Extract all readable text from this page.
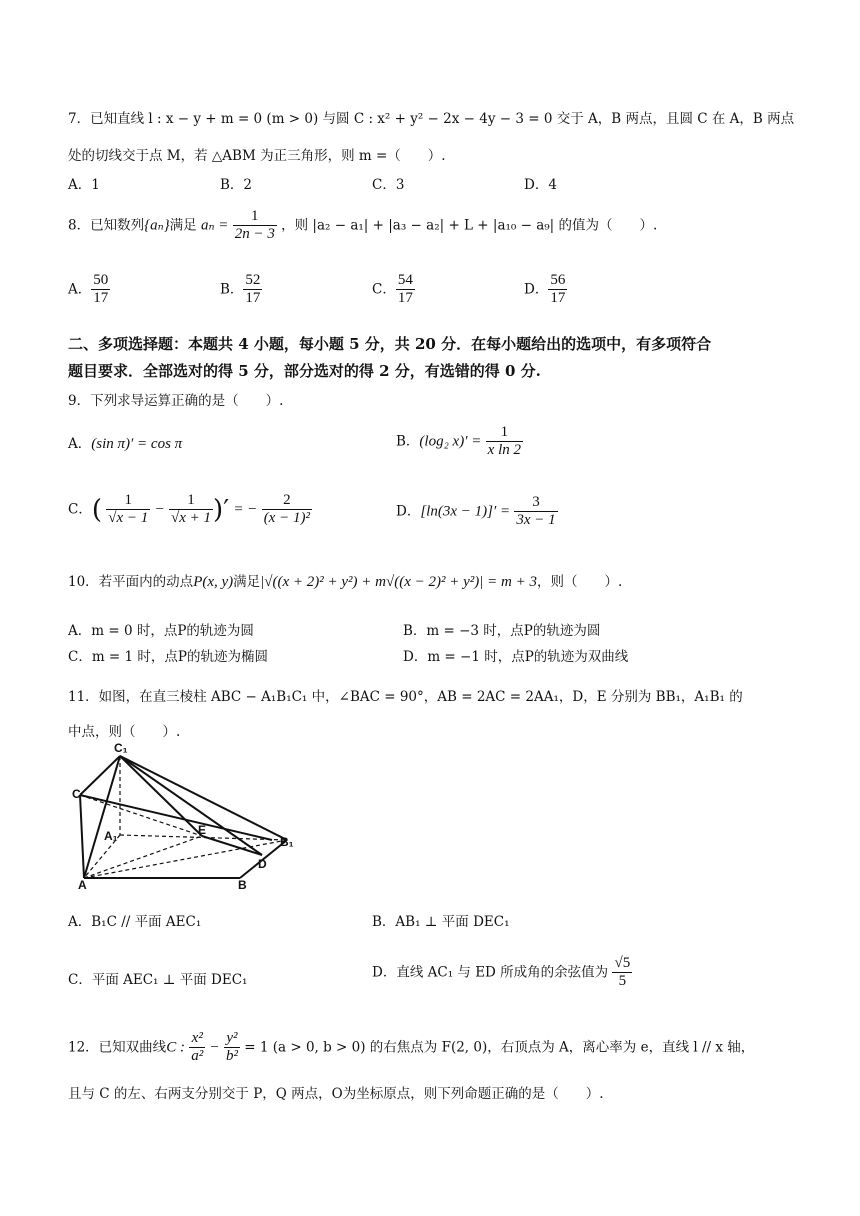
7．已知直线 l : x − y + m = 0 (m > 0) 与圆 C : x² + y² − 2x − 4y − 3 = 0 交于 A，B 两点，且圆 C 在 A，B 两点
处的切线交于点 M，若 △ABM 为正三角形，则 m =（　　）.
A．1	B．2	C．3	D．4
8．已知数列{aₙ}满足 $a_n = \frac{1}{2n - 3}$ ，则 |a₂ − a₁| + |a₃ − a₂| + L + |a₁₀ − a₉| 的值为（　　）.
A． $\frac{50}{17}$	B． $\frac{52}{17}$	C． $\frac{54}{17}$	D． $\frac{56}{17}$
二、多项选择题：本题共 4 小题，每小题 5 分，共 20 分．在每小题给出的选项中，有多项符合
题目要求．全部选对的得 5 分，部分选对的得 2 分，有选错的得 0 分.
9．下列求导运算正确的是（　　）.
A．(sin π)′ = cos π	B．(log₂ $x)' = \frac{1}{\text{x ln 2}}$
C．( $\frac{1}{√x - 1} - \frac{1}{√x + 1}$ )′ = − $\frac{2}{\text{(x − 1)²}}$	D．$[\ln(3x - 1)]' = \frac{3}{3x - 1}$
10．若平面内的动点P(x, y)满足|√((x + 2)² + y²) + m√((x − 2)² + y²)| = m + 3，则（　　）.
A．m = 0 时，点P的轨迹为圆	B．m = −3 时，点P的轨迹为圆
C．m = 1 时，点P的轨迹为椭圆	D．m = −1 时，点P的轨迹为双曲线
11．如图，在直三棱柱 ABC − A₁B₁C₁ 中，∠BAC = 90°，AB = 2AC = 2AA₁，D，E 分别为 BB₁，A₁B₁ 的
中点，则（　　）.
C₁
C
A₁	E
B₁
D
A	B
A．B₁C // 平面 AEC₁	B．AB₁ ⊥ 平面 DEC₁
C．平面 AEC₁ ⊥ 平面 DEC₁	D．直线 AC₁ 与 ED 所成角的余弦值为 $\frac{√5}{5}$
12．已知双曲线C : $\frac{\text{x²}}{\text{a²}} - \frac{\text{y²}}{\text{b²}} = 1$ (a > 0, b > 0) 的右焦点为 F(2, 0)，右顶点为 A，离心率为 e，直线 l // x 轴，
且与 C 的左、右两支分别交于 P，Q 两点，O为坐标原点，则下列命题正确的是（　　）.
